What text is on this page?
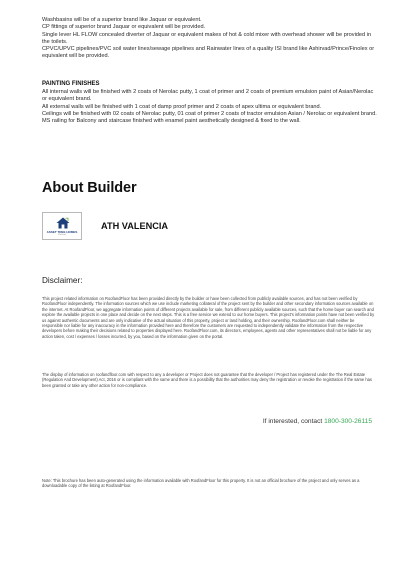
Washbasins will be of a superior brand like Jaquar or equivalent.

CP fittings of superior brand Jaquar or equivalent will be provided.

Single lever HL FLOW concealed diverter of Jaquar or equivalent makes of hot & cold mixer with overhead shower will be provided in the toilets.

CPVC/UPVC pipelines/PVC soil water lines/sewage pipelines and Rainwater lines of a quality ISI brand like Ashirvad/Prince/Finolex or equivalent will be provided.

PAINTING FINISHES

All internal walls will be finished with 2 coats of Nerolac putty, 1 coat of primer and 2 coats of premium emulsion paint of Asian/Nerolac or equivalent brand.

All external walls will be finished with 1 coat of damp proof primer and 2 coats of apex ultima or equivalent brand.

Ceilings will be finished with 02 coats of Nerolac putty, 01 coat of primer 2 coats of tractor emulsion Asian / Nerolac or equivalent brand.

MS railing for Balcony and staircase finished with enamel paint aesthetically designed & fixed to the wall.

About Builder
ASSET TREE HOMES
Pvt Ltd
ATH VALENCIA
Disclaimer:

This project related information on RoofandFloor has been provided directly by the builder or have been collected from publicly available sources, and has not been verified by RoofandFloor independently. The information sources which we use include marketing collateral of the project sent by the builder and other secondary information sources available on the internet. At RoofandFloor, we aggregate information points of different projects available for sale, from different publicly available sources, such that the home buyer can search and explore the available projects in one place and decide on the next steps. This is a free service we extend to our home buyers. This project's information points have not been verified by us against authentic documents and are only indicative of the actual situation of this property, project or land holding, and their ownership. RoofandFloor.com shall neither be responsible nor liable for any inaccuracy in the information provided here and therefore the customers are requested to independently validate the information from the respective developers before making their decisions related to properties displayed here. RoofandFloor.com, its directors, employees, agents and other representatives shall not be liable for any action taken, cost / expenses / losses incurred, by you, based on the information given on the portal.

The display of information on roofandfloor.com with respect to any a developer or Project does not guarantee that the developer / Project has registered under the The Real Estate (Regulation And Development) Act, 2016 or is compliant with the same and there is a possibility that the authorities may deny the registration or revoke the registration if the same has been granted or take any other action for non-compliance.

If interested, contact 1800-300-26115

Note: This brochure has been auto-generated using the information available with RoofandFloor for this property. It is not an official brochure of the project and only serves as a downloadable copy of the listing at RoofandFloor.
